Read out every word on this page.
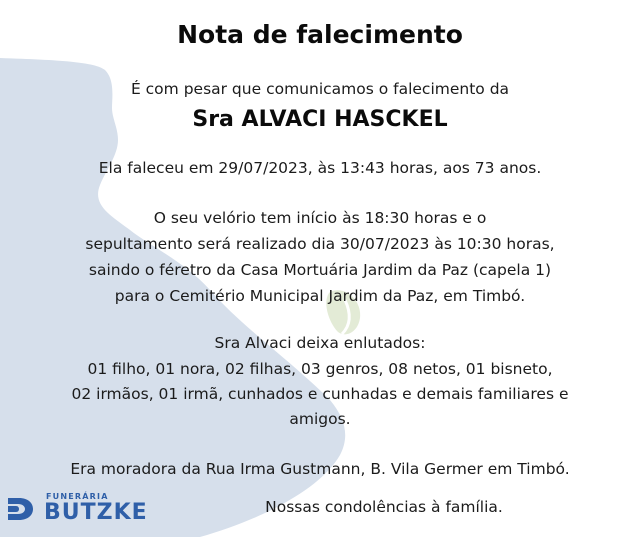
Nota de falecimento
É com pesar que comunicamos o falecimento da
Sra ALVACI HASCKEL
Ela faleceu em 29/07/2023, às 13:43 horas, aos 73 anos.
O seu velório tem início às 18:30 horas e o
sepultamento será realizado dia 30/07/2023 às 10:30 horas,
saindo o féretro da Casa Mortuária Jardim da Paz (capela 1)
para o Cemitério Municipal Jardim da Paz, em Timbó.
Sra Alvaci deixa enlutados:
01 filho, 01 nora, 02 filhas, 03 genros, 08 netos, 01 bisneto,
02 irmãos, 01 irmã, cunhados e cunhadas e demais familiares e
amigos.
Era moradora da Rua Irma Gustmann, B. Vila Germer em Timbó.
Nossas condolências à família.
FUNERÁRIA
BUTZKE
